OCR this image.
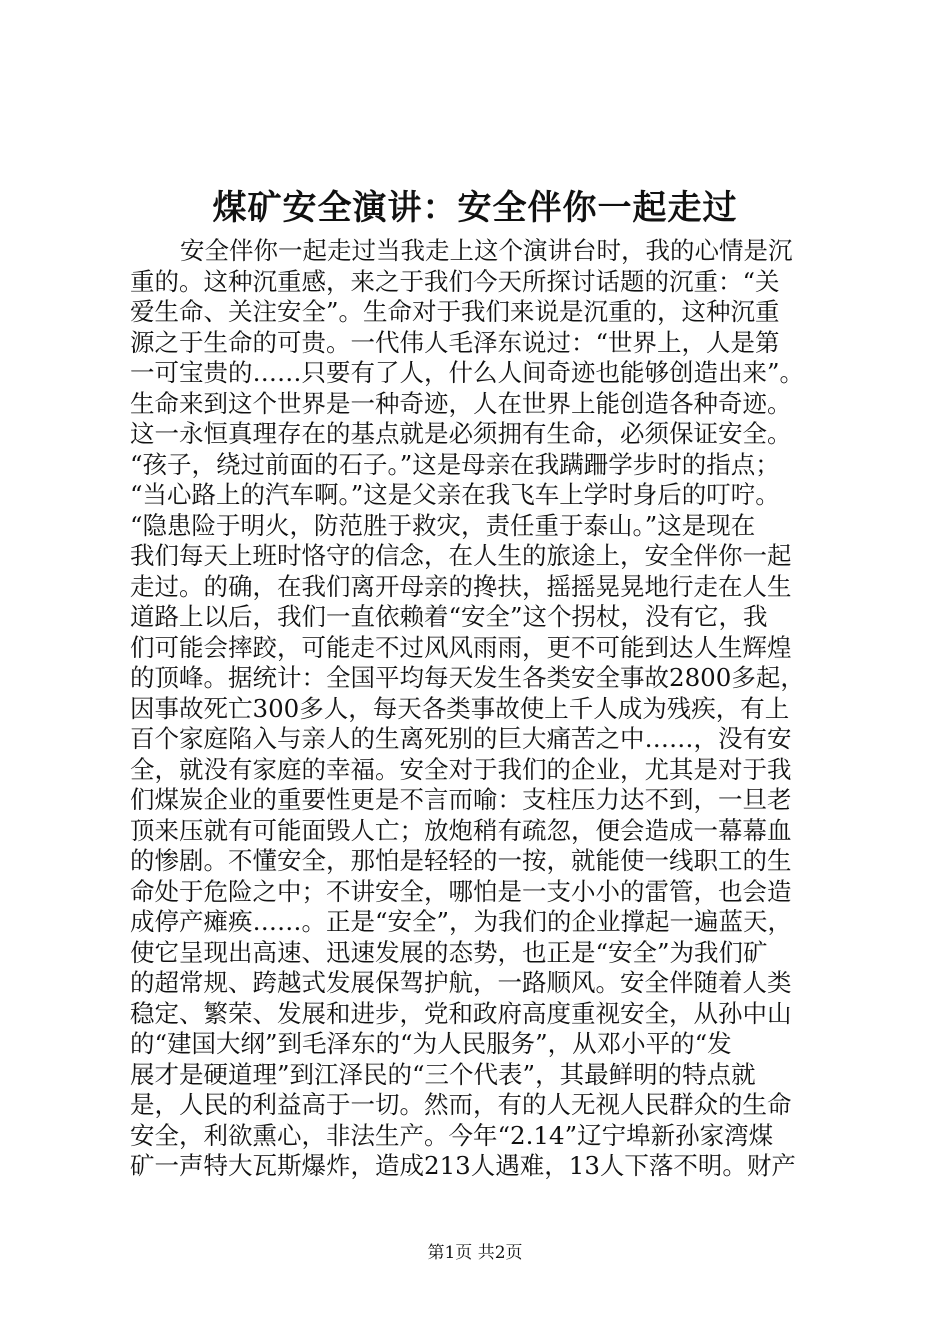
煤矿安全演讲：安全伴你一起走过
安全伴你一起走过当我走上这个演讲台时，我的心情是沉
重的。这种沉重感，来之于我们今天所探讨话题的沉重：“关
爱生命、关注安全”。生命对于我们来说是沉重的，这种沉重
源之于生命的可贵。一代伟人毛泽东说过：“世界上，人是第
一可宝贵的……只要有了人，什么人间奇迹也能够创造出来”。
生命来到这个世界是一种奇迹，人在世界上能创造各种奇迹。
这一永恒真理存在的基点就是必须拥有生命，必须保证安全。
“孩子，绕过前面的石子。”这是母亲在我蹒跚学步时的指点；
“当心路上的汽车啊。”这是父亲在我飞车上学时身后的叮咛。
“隐患险于明火，防范胜于救灾，责任重于泰山。”这是现在
我们每天上班时恪守的信念，在人生的旅途上，安全伴你一起
走过。的确，在我们离开母亲的搀扶，摇摇晃晃地行走在人生
道路上以后，我们一直依赖着“安全”这个拐杖，没有它，我
们可能会摔跤，可能走不过风风雨雨，更不可能到达人生辉煌
的顶峰。据统计：全国平均每天发生各类安全事故2800多起，
因事故死亡300多人，每天各类事故使上千人成为残疾，有上
百个家庭陷入与亲人的生离死别的巨大痛苦之中……，没有安
全，就没有家庭的幸福。安全对于我们的企业，尤其是对于我
们煤炭企业的重要性更是不言而喻：支柱压力达不到，一旦老
顶来压就有可能面毁人亡；放炮稍有疏忽，便会造成一幕幕血
的惨剧。不懂安全，那怕是轻轻的一按，就能使一线职工的生
命处于危险之中；不讲安全，哪怕是一支小小的雷管，也会造
成停产瘫痪……。正是“安全”，为我们的企业撑起一遍蓝天，
使它呈现出高速、迅速发展的态势，也正是“安全”为我们矿
的超常规、跨越式发展保驾护航，一路顺风。安全伴随着人类
稳定、繁荣、发展和进步，党和政府高度重视安全，从孙中山
的“建国大纲”到毛泽东的“为人民服务”，从邓小平的“发
展才是硬道理”到江泽民的“三个代表”，其最鲜明的特点就
是，人民的利益高于一切。然而，有的人无视人民群众的生命
安全，利欲熏心，非法生产。今年“2.14”辽宁埠新孙家湾煤
矿一声特大瓦斯爆炸，造成213人遇难，13人下落不明。财产
第1页 共2页
